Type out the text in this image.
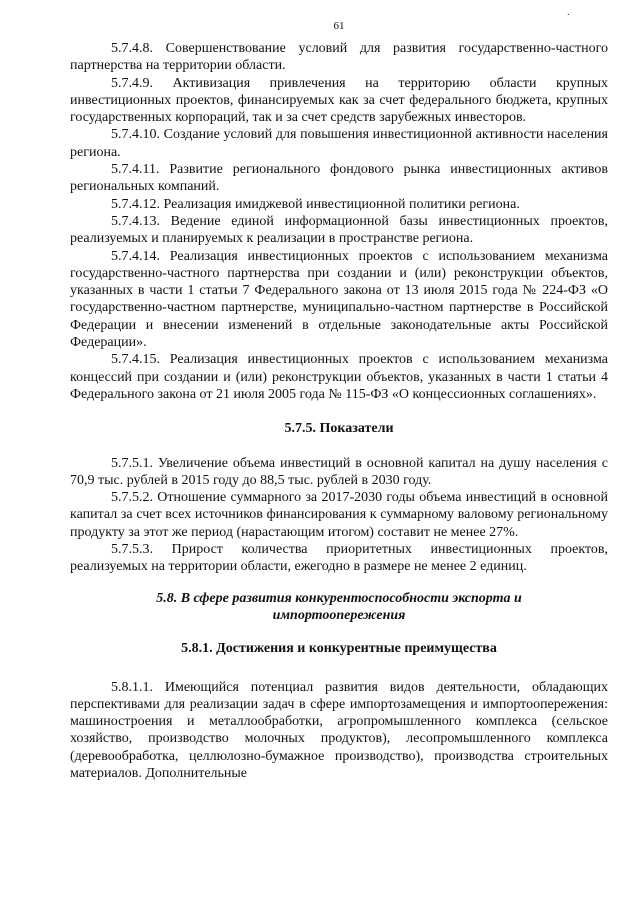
61
˙

5.7.4.8. Совершенствование условий для развития государственно-частного партнерства на территории области.

5.7.4.9. Активизация привлечения на территорию области крупных инвестиционных проектов, финансируемых как за счет федерального бюджета, крупных государственных корпораций, так и за счет средств зарубежных инвесторов.

5.7.4.10. Создание условий для повышения инвестиционной активности населения региона.

5.7.4.11. Развитие регионального фондового рынка инвестиционных активов региональных компаний.

5.7.4.12. Реализация имиджевой инвестиционной политики региона.

5.7.4.13. Ведение единой информационной базы инвестиционных проектов, реализуемых и планируемых к реализации в пространстве региона.

5.7.4.14. Реализация инвестиционных проектов с использованием механизма государственно-частного партнерства при создании и (или) реконструкции объектов, указанных в части 1 статьи 7 Федерального закона от 13 июля 2015 года № 224-ФЗ «О государственно-частном партнерстве, муниципально-частном партнерстве в Российской Федерации и внесении изменений в отдельные законодательные акты Российской Федерации».

5.7.4.15. Реализация инвестиционных проектов с использованием механизма концессий при создании и (или) реконструкции объектов, указанных в части 1 статьи 4 Федерального закона от 21 июля 2005 года № 115-ФЗ «О концессионных соглашениях».

5.7.5. Показатели

5.7.5.1. Увеличение объема инвестиций в основной капитал на душу населения с 70,9 тыс. рублей в 2015 году до 88,5 тыс. рублей в 2030 году.

5.7.5.2. Отношение суммарного за 2017-2030 годы объема инвестиций в основной капитал за счет всех источников финансирования к суммарному валовому региональному продукту за этот же период (нарастающим итогом) составит не менее 27%.

5.7.5.3. Прирост количества приоритетных инвестиционных проектов, реализуемых на территории области, ежегодно в размере не менее 2 единиц.

5.8. В сфере развития конкурентоспособности экспорта и импортоопережения
5.8.1. Достижения и конкурентные преимущества

5.8.1.1. Имеющийся потенциал развития видов деятельности, обладающих перспективами для реализации задач в сфере импортозамещения и импортоопережения: машиностроения и металлообработки, агропромышленного комплекса (сельское хозяйство, производство молочных продуктов), лесопромышленного комплекса (деревообработка, целлюлозно-бумажное производство), производства строительных материалов. Дополнительные
